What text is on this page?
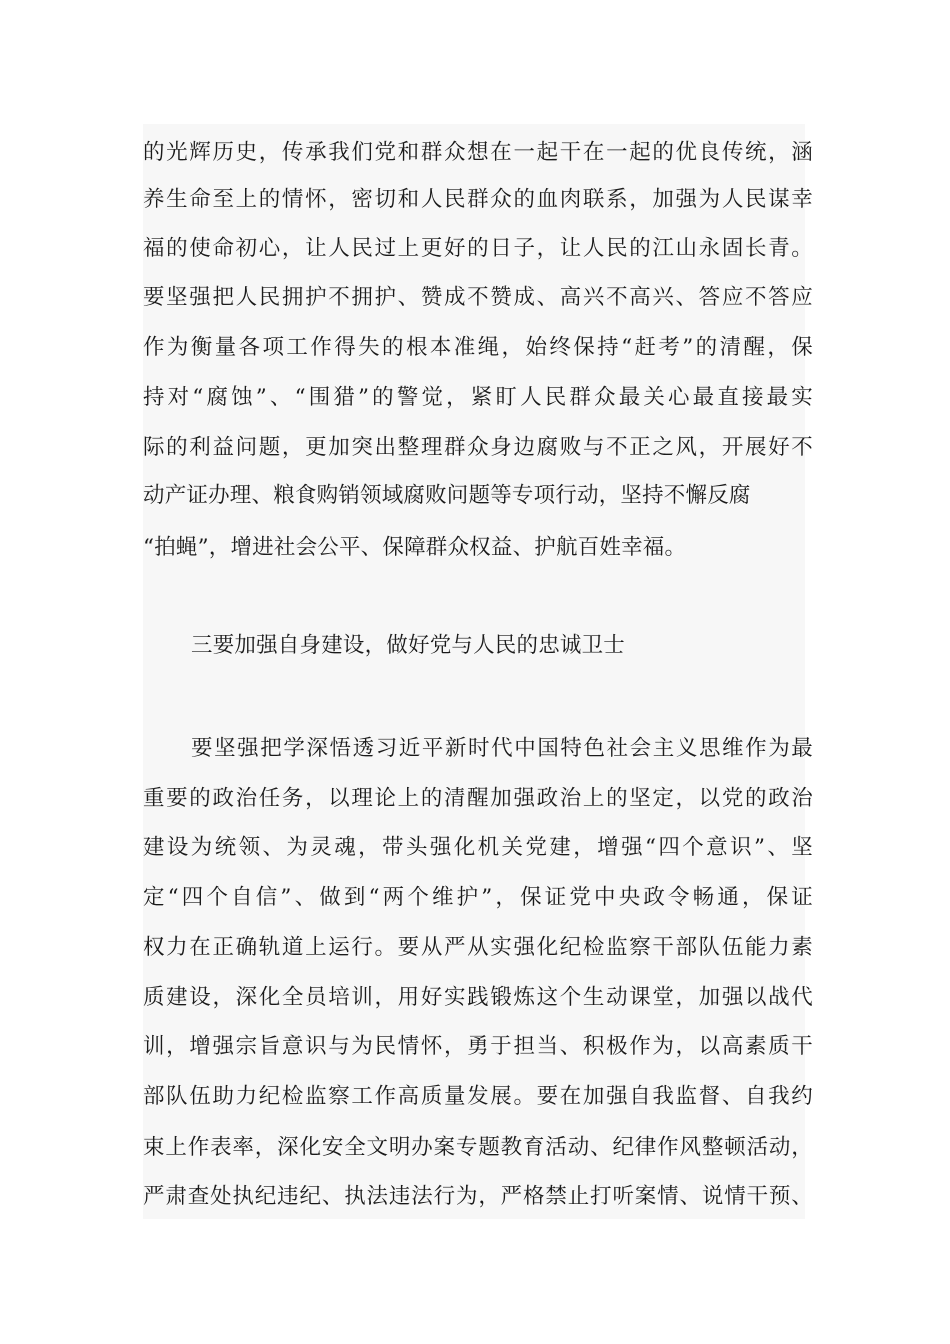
的光辉历史，传承我们党和群众想在一起干在一起的优良传统，涵
养生命至上的情怀，密切和人民群众的血肉联系，加强为人民谋幸
福的使命初心，让人民过上更好的日子，让人民的江山永固长青。
要坚强把人民拥护不拥护、赞成不赞成、高兴不高兴、答应不答应
作为衡量各项工作得失的根本准绳，始终保持“赶考”的清醒，保
持对“腐蚀”、“围猎”的警觉，紧盯人民群众最关心最直接最实
际的利益问题，更加突出整理群众身边腐败与不正之风，开展好不
动产证办理、粮食购销领域腐败问题等专项行动，坚持不懈反腐
“拍蝇”，增进社会公平、保障群众权益、护航百姓幸福。
三要加强自身建设，做好党与人民的忠诚卫士
要坚强把学深悟透习近平新时代中国特色社会主义思维作为最
重要的政治任务，以理论上的清醒加强政治上的坚定，以党的政治
建设为统领、为灵魂，带头强化机关党建，增强“四个意识”、坚
定“四个自信”、做到“两个维护”，保证党中央政令畅通，保证
权力在正确轨道上运行。要从严从实强化纪检监察干部队伍能力素
质建设，深化全员培训，用好实践锻炼这个生动课堂，加强以战代
训，增强宗旨意识与为民情怀，勇于担当、积极作为，以高素质干
部队伍助力纪检监察工作高质量发展。要在加强自我监督、自我约
束上作表率，深化安全文明办案专题教育活动、纪律作风整顿活动，
严肃查处执纪违纪、执法违法行为，严格禁止打听案情、说情干预、
